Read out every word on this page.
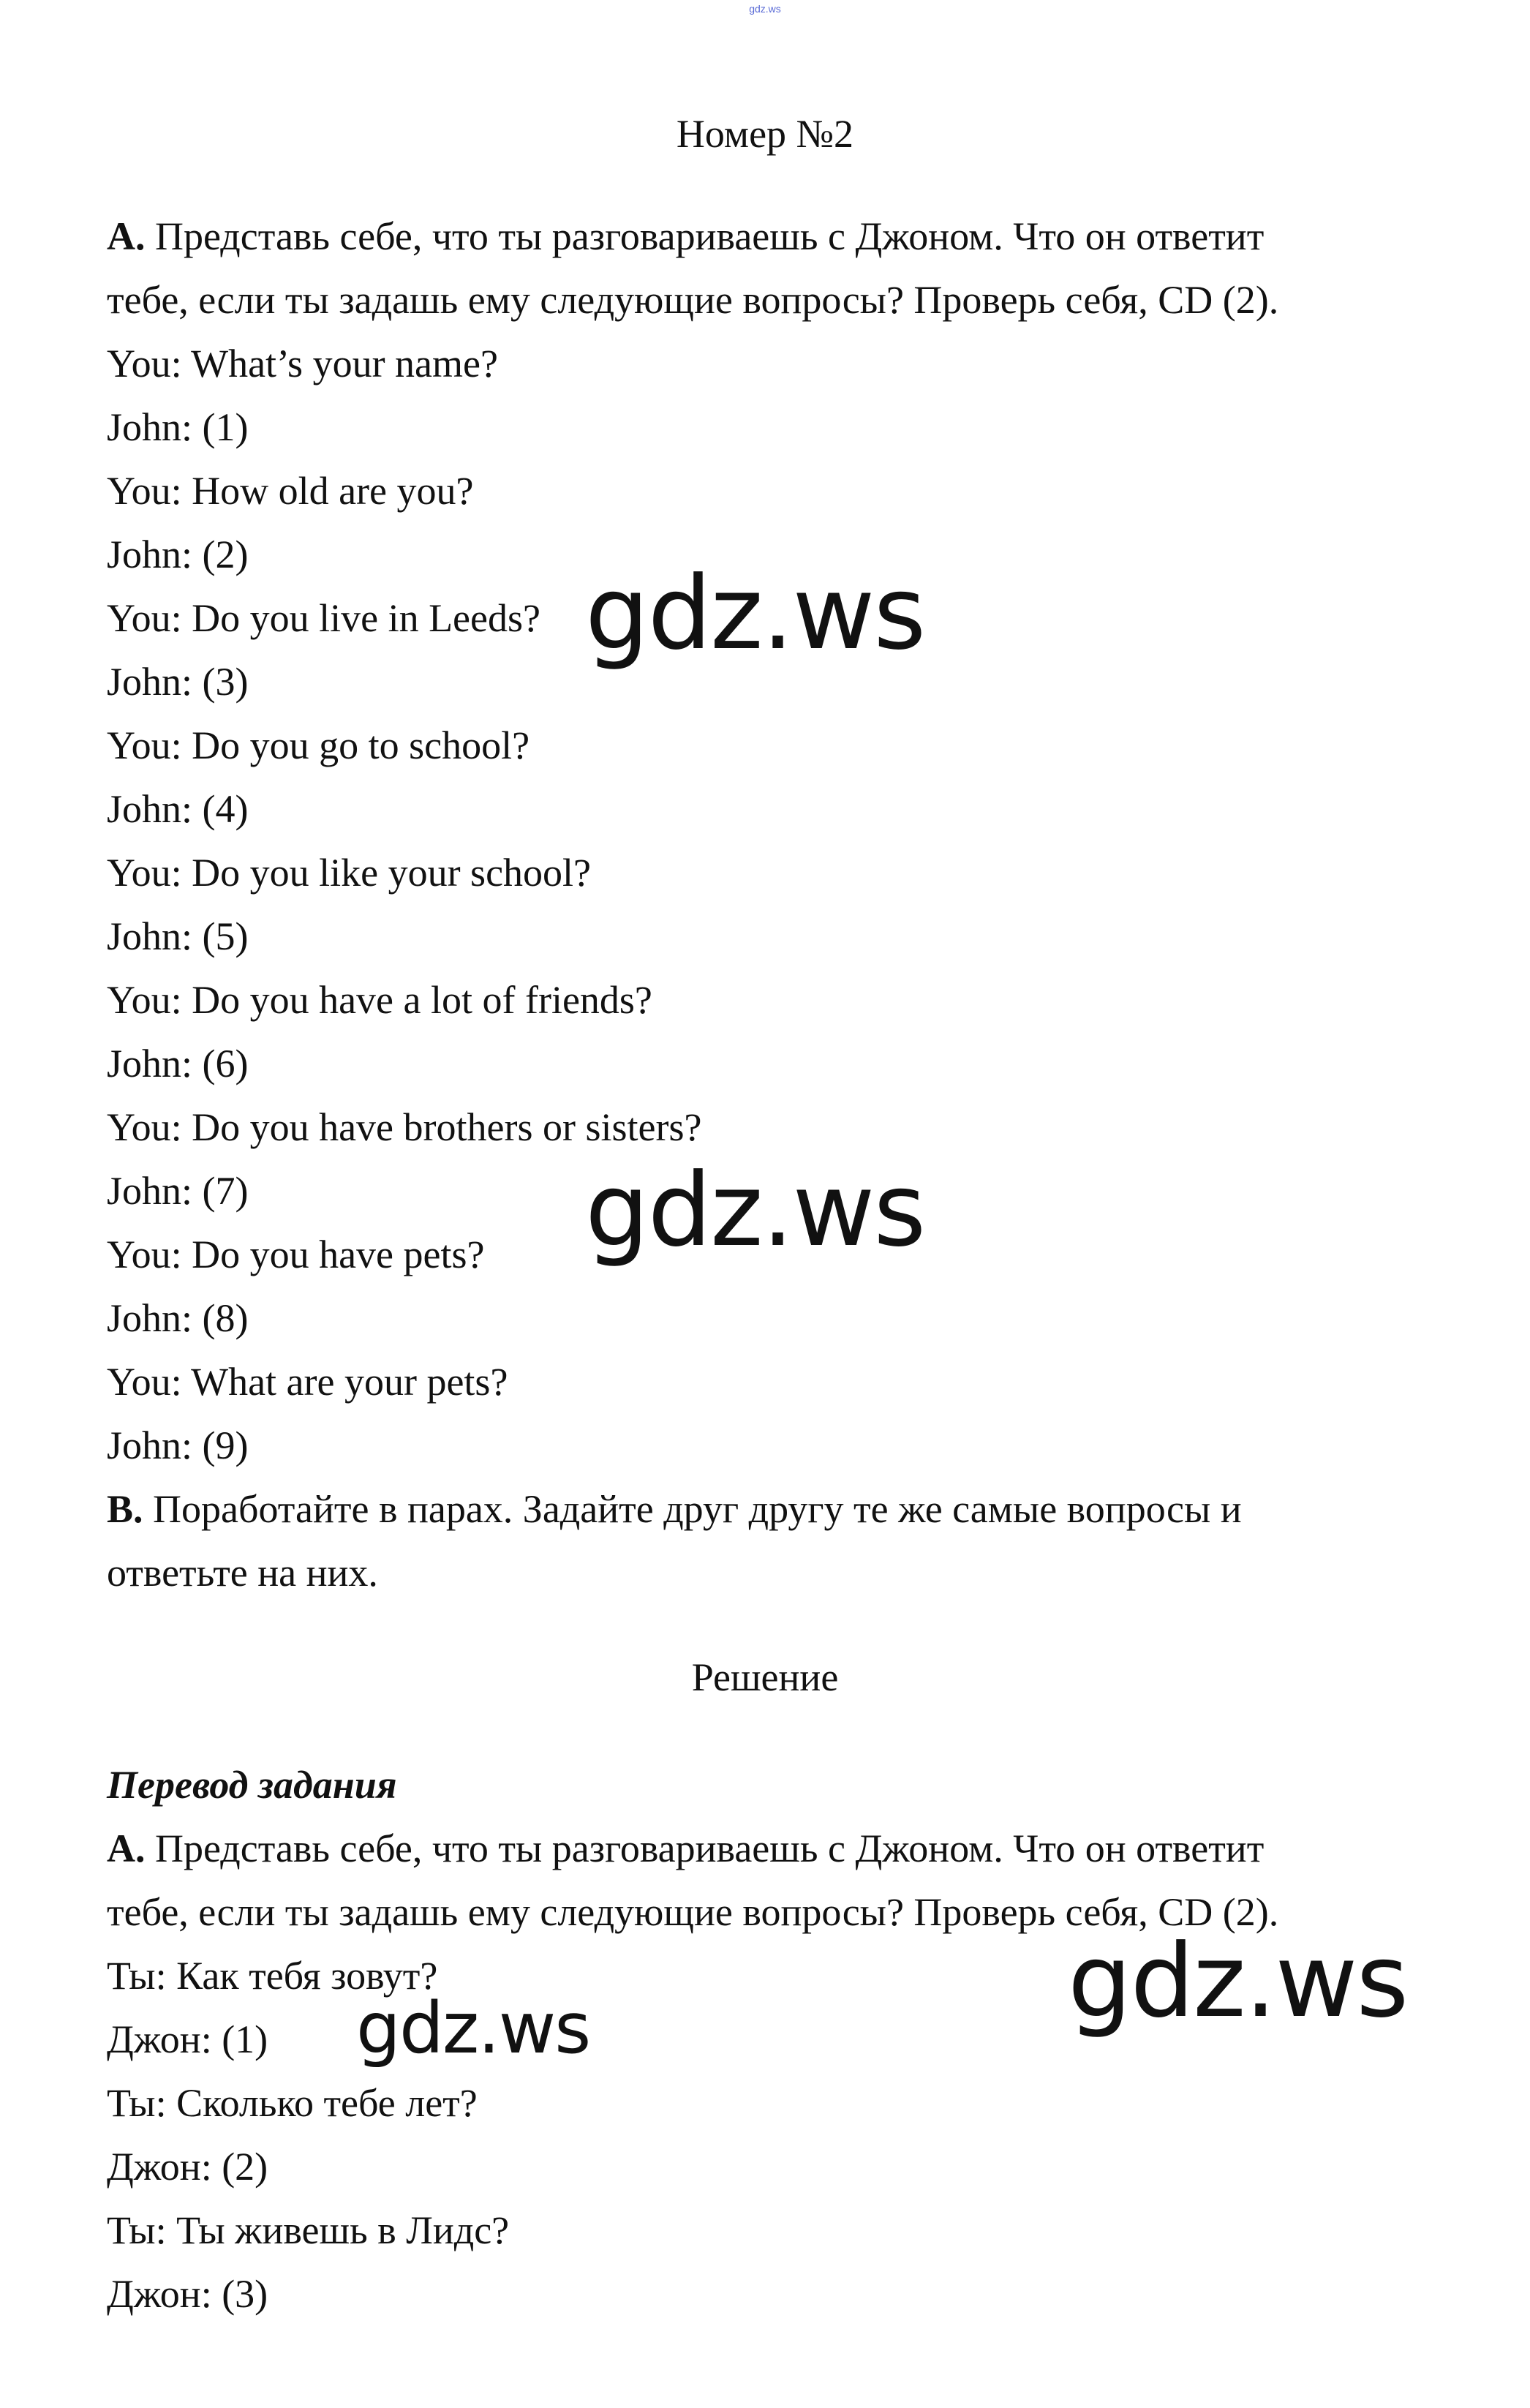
gdz.ws
Номер №2
A. Представь себе, что ты разговариваешь с Джоном. Что он ответит
тебе, если ты задашь ему следующие вопросы? Проверь себя, CD (2).
You: What’s your name?
John: (1)
You: How old are you?
John: (2)
You: Do you live in Leeds?
John: (3)
You: Do you go to school?
John: (4)
You: Do you like your school?
John: (5)
You: Do you have a lot of friends?
John: (6)
You: Do you have brothers or sisters?
John: (7)
You: Do you have pets?
John: (8)
You: What are your pets?
John: (9)
B. Поработайте в парах. Задайте друг другу те же самые вопросы и
ответьте на них.
Решение
Перевод задания
A. Представь себе, что ты разговариваешь с Джоном. Что он ответит
тебе, если ты задашь ему следующие вопросы? Проверь себя, CD (2).
Ты: Как тебя зовут?
Джон: (1)
Ты: Сколько тебе лет?
Джон: (2)
Ты: Ты живешь в Лидс?
Джон: (3)
gdz.ws
gdz.ws
gdz.ws
gdz.ws
